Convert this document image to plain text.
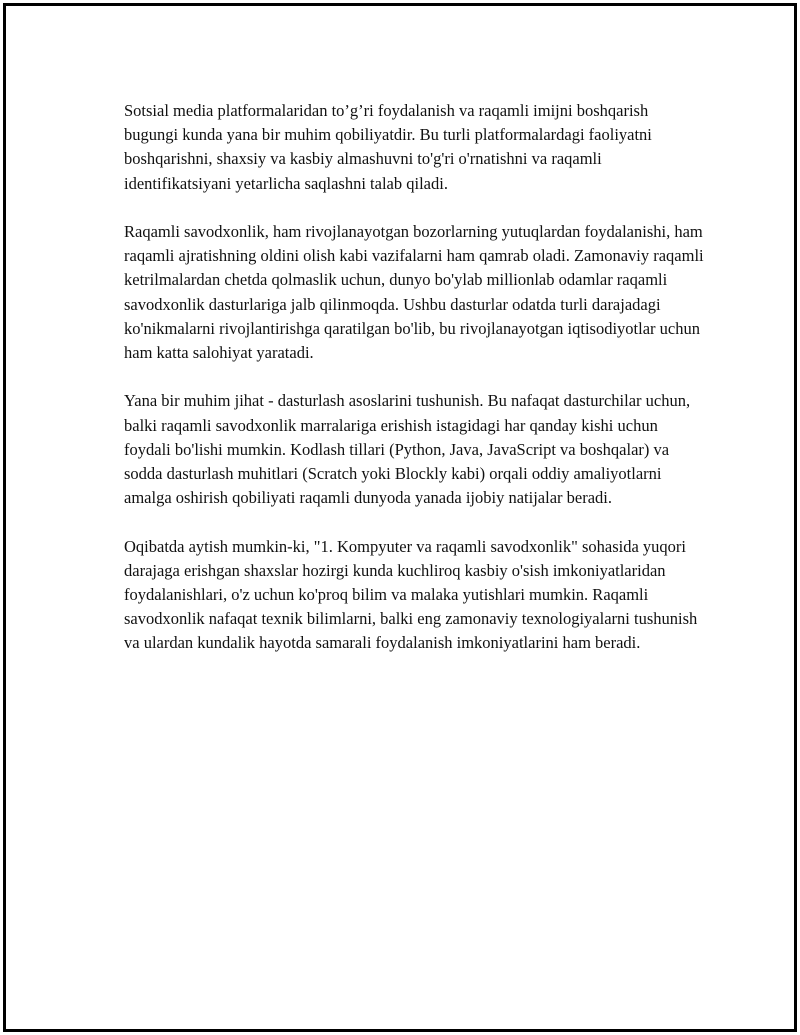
Sotsial media platformalaridan to’g’ri foydalanish va raqamli imijni boshqarish bugungi kunda yana bir muhim qobiliyatdir. Bu turli platformalardagi faoliyatni boshqarishni, shaxsiy va kasbiy almashuvni to'g'ri o'rnatishni va raqamli identifikatsiyani yetarlicha saqlashni talab qiladi.

Raqamli savodxonlik, ham rivojlanayotgan bozorlarning yutuqlardan foydalanishi, ham raqamli ajratishning oldini olish kabi vazifalarni ham qamrab oladi. Zamonaviy raqamli ketrilmalardan chetda qolmaslik uchun, dunyo bo'ylab millionlab odamlar raqamli savodxonlik dasturlariga jalb qilinmoqda. Ushbu dasturlar odatda turli darajadagi ko'nikmalarni rivojlantirishga qaratilgan bo'lib, bu rivojlanayotgan iqtisodiyotlar uchun ham katta salohiyat yaratadi.

Yana bir muhim jihat - dasturlash asoslarini tushunish. Bu nafaqat dasturchilar uchun, balki raqamli savodxonlik marralariga erishish istagidagi har qanday kishi uchun foydali bo'lishi mumkin. Kodlash tillari (Python, Java, JavaScript va boshqalar) va sodda dasturlash muhitlari (Scratch yoki Blockly kabi) orqali oddiy amaliyotlarni amalga oshirish qobiliyati raqamli dunyoda yanada ijobiy natijalar beradi.

Oqibatda aytish mumkin-ki, "1. Kompyuter va raqamli savodxonlik" sohasida yuqori darajaga erishgan shaxslar hozirgi kunda kuchliroq kasbiy o'sish imkoniyatlaridan foydalanishlari, o'z uchun ko'proq bilim va malaka yutishlari mumkin. Raqamli savodxonlik nafaqat texnik bilimlarni, balki eng zamonaviy texnologiyalarni tushunish va ulardan kundalik hayotda samarali foydalanish imkoniyatlarini ham beradi.
